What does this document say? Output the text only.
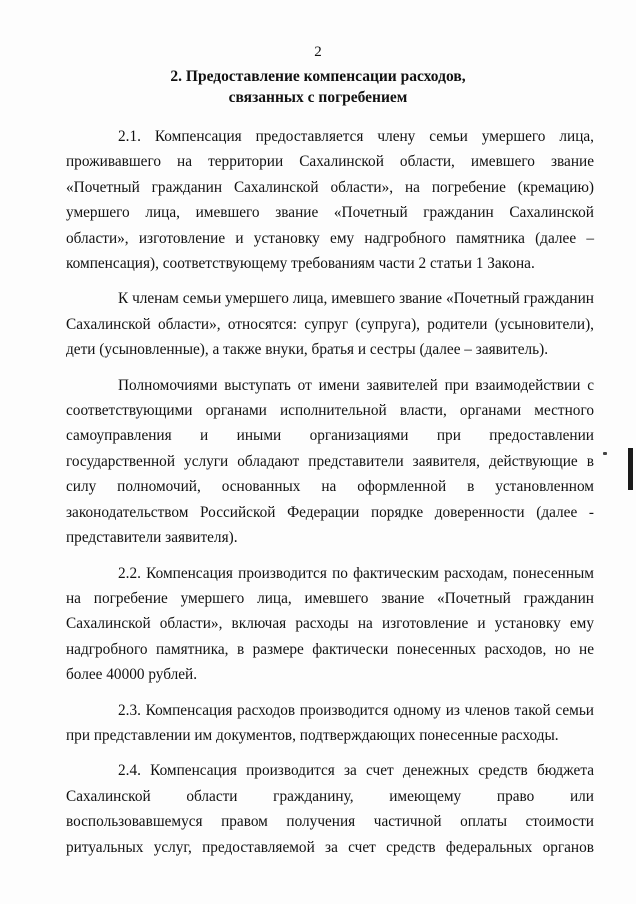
2
2. Предоставление компенсации расходов,
связанных с погребением
2.1. Компенсация предоставляется члену семьи умершего лица,
проживавшего на территории Сахалинской области, имевшего звание
«Почетный гражданин Сахалинской области», на погребение (кремацию)
умершего лица, имевшего звание «Почетный гражданин Сахалинской
области», изготовление и установку ему надгробного памятника (далее –
компенсация), соответствующему требованиям части 2 статьи 1 Закона.
К членам семьи умершего лица, имевшего звание «Почетный гражданин
Сахалинской области», относятся: супруг (супруга), родители (усыновители),
дети (усыновленные), а также внуки, братья и сестры (далее – заявитель).
Полномочиями выступать от имени заявителей при взаимодействии с
соответствующими органами исполнительной власти, органами местного
самоуправления и иными организациями при предоставлении
государственной услуги обладают представители заявителя, действующие в
силу полномочий, основанных на оформленной в установленном
законодательством Российской Федерации порядке доверенности (далее -
представители заявителя).
2.2. Компенсация производится по фактическим расходам, понесенным
на погребение умершего лица, имевшего звание «Почетный гражданин
Сахалинской области», включая расходы на изготовление и установку ему
надгробного памятника, в размере фактически понесенных расходов, но не
более 40000 рублей.
2.3. Компенсация расходов производится одному из членов такой семьи
при представлении им документов, подтверждающих понесенные расходы.
2.4. Компенсация производится за счет денежных средств бюджета
Сахалинской области гражданину, имеющему право или
воспользовавшемуся правом получения частичной оплаты стоимости
ритуальных услуг, предоставляемой за счет средств федеральных органов
